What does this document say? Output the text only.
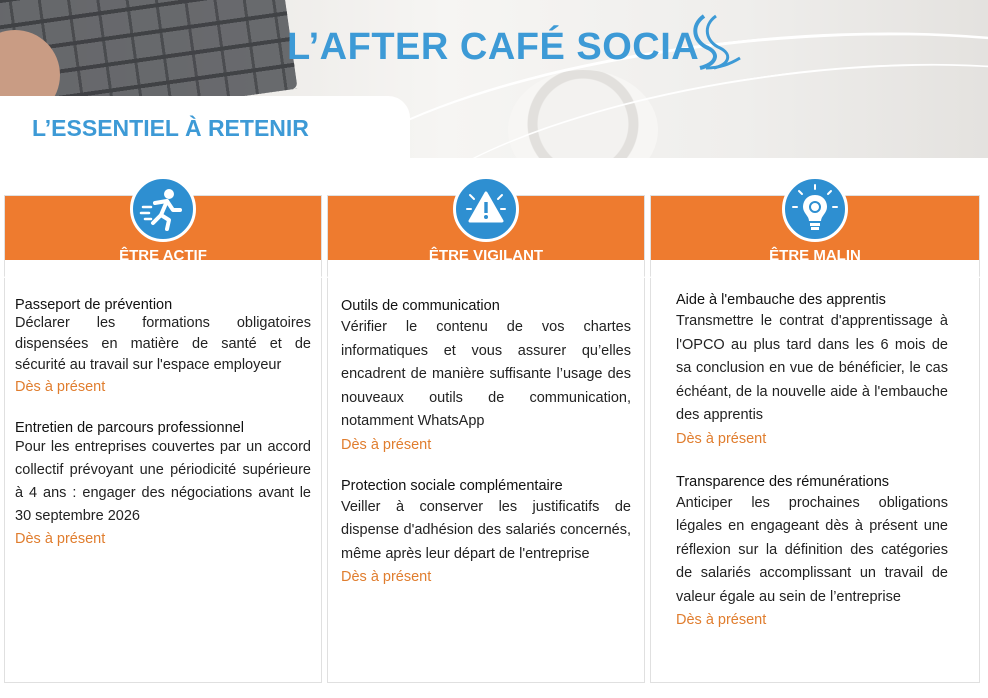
L’AFTER CAFÉ SOCIA
L’ESSENTIEL À RETENIR
ÊTRE ACTIF

Passeport de prévention

Déclarer les formations obligatoires dispensées en matière de santé et de sécurité au travail sur l'espace employeur

Dès à présent

Entretien de parcours professionnel

Pour les entreprises couvertes par un accord collectif prévoyant une périodicité supérieure à 4 ans : engager des négociations avant le 30 septembre 2026

Dès à présent

ÊTRE VIGILANT

Outils de communication

Vérifier le contenu de vos chartes informatiques et vous assurer qu’elles encadrent de manière suffisante l’usage des nouveaux outils de communication, notamment WhatsApp

Dès à présent

Protection sociale complémentaire

Veiller à conserver les justificatifs de dispense d'adhésion des salariés concernés, même après leur départ de l'entreprise

Dès à présent

ÊTRE MALIN

Aide à l'embauche des apprentis

Transmettre le contrat d'apprentissage à l'OPCO au plus tard dans les 6 mois de sa conclusion en vue de bénéficier, le cas échéant, de la nouvelle aide à l'embauche des apprentis

Dès à présent

Transparence des rémunérations

Anticiper les prochaines obligations légales en engageant dès à présent une réflexion sur la définition des catégories de salariés accomplissant un travail de valeur égale au sein de l’entreprise

Dès à présent
